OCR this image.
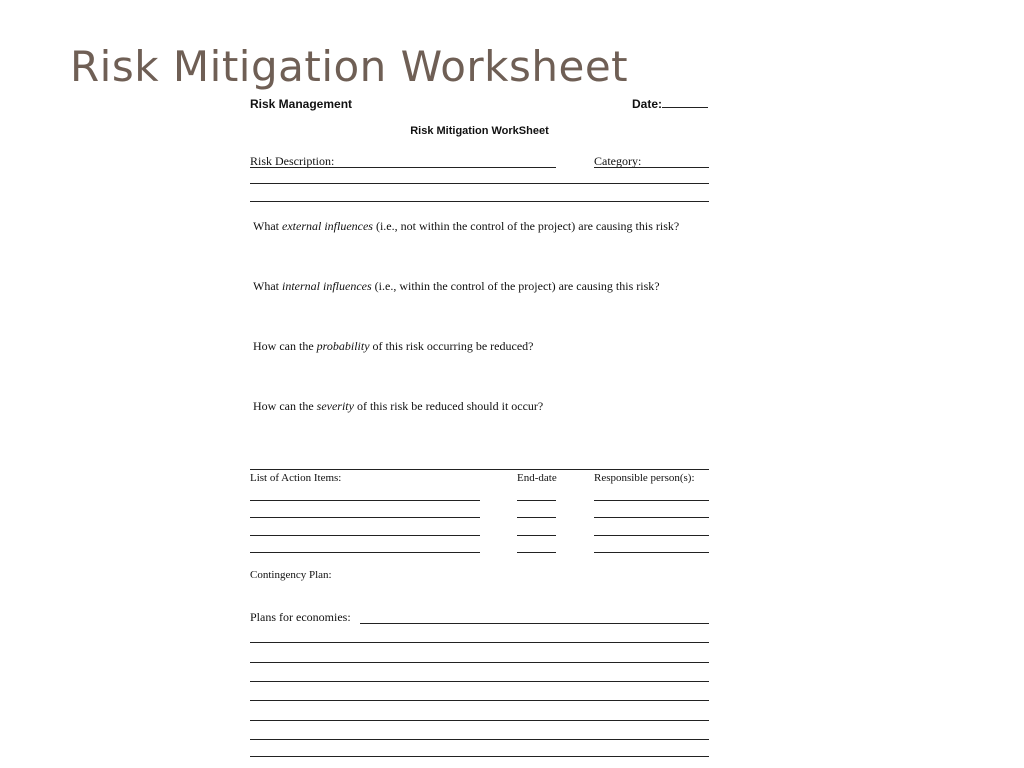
Risk Mitigation Worksheet
Risk Management	Date:
Risk Mitigation WorkSheet
Risk Description:	Category:
What external influences (i.e., not within the control of the project) are causing this risk?
What internal influences (i.e., within the control of the project) are causing this risk?
How can the probability of this risk occurring be reduced?
How can the severity of this risk be reduced should it occur?
List of Action Items:	End-date	Responsible person(s):
Contingency Plan:
Plans for economies:
